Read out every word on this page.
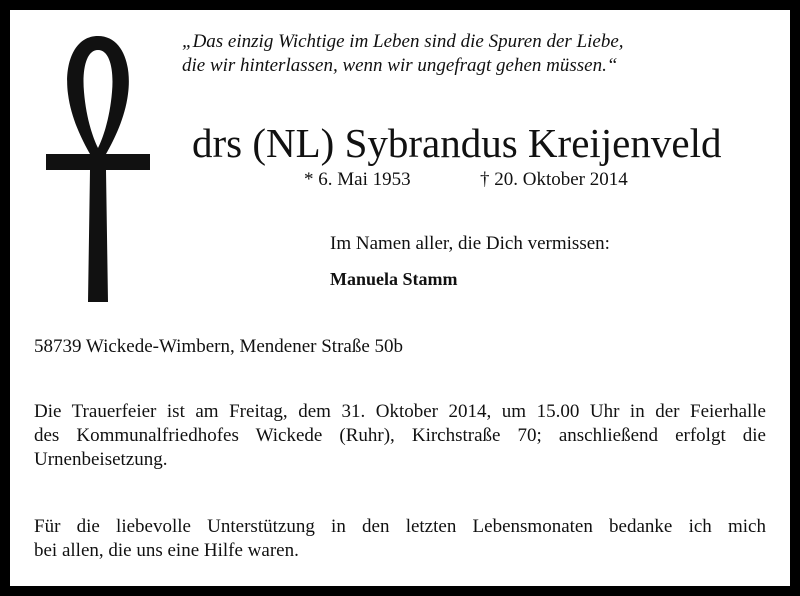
„Das einzig Wichtige im Leben sind die Spuren der Liebe,
die wir hinterlassen, wenn wir ungefragt gehen müssen.“
drs (NL) Sybrandus Kreijenveld
* 6. Mai 1953	† 20. Oktober 2014
Im Namen aller, die Dich vermissen:
Manuela Stamm
58739 Wickede-Wimbern, Mendener Straße 50b
Die Trauerfeier ist am Freitag, dem 31. Oktober 2014, um 15.00 Uhr in der Feierhalle
des Kommunalfriedhofes Wickede (Ruhr), Kirchstraße 70; anschließend erfolgt die
Urnenbeisetzung.
Für die liebevolle Unterstützung in den letzten Lebensmonaten bedanke ich mich
bei allen, die uns eine Hilfe waren.
